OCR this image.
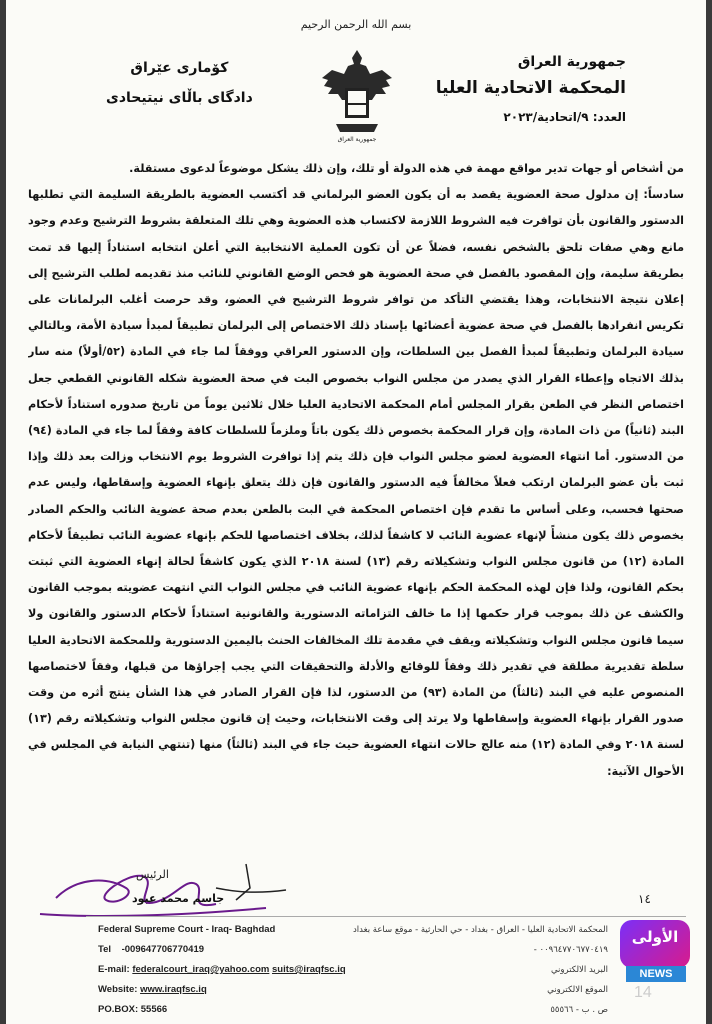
بسم الله الرحمن الرحيم
جمهورية العراق
المحكمة الاتحادية العليا
العدد: ٩/اتحادية/٢٠٢٣
جمهورية العراق
كۆماری عێراق
دادگای باڵای نیتیحادی

من أشخاص أو جهات تدير مواقع مهمة في هذه الدولة أو تلك، وإن ذلك يشكل موضوعاً لدعوى مستقلة.

سادساً: إن مدلول صحة العضوية يقصد به أن يكون العضو البرلماني قد أكتسب العضوية بالطريقة السليمة التي تطلبها الدستور والقانون بأن توافرت فيه الشروط اللازمة لاكتساب هذه العضوية وهي تلك المتعلقة بشروط الترشيح وعدم وجود مانع وهي صفات تلحق بالشخص نفسه، فضلاً عن أن تكون العملية الانتخابية التي أعلن انتخابه استناداً إليها قد تمت بطريقة سليمة، وإن المقصود بالفصل في صحة العضوية هو فحص الوضع القانوني للنائب منذ تقديمه لطلب الترشيح إلى إعلان نتيجة الانتخابات، وهذا يقتضي التأكد من توافر شروط الترشيح في العضو، وقد حرصت أغلب البرلمانات على تكريس انفرادها بالفصل في صحة عضوية أعضائها بإسناد ذلك الاختصاص إلى البرلمان تطبيقاً لمبدأ سيادة الأمة، وبالتالي سيادة البرلمان وتطبيقاً لمبدأ الفصل بين السلطات، وإن الدستور العراقي ووفقاً لما جاء في المادة (٥٢/أولاً) منه سار بذلك الاتجاه وإعطاء القرار الذي يصدر من مجلس النواب بخصوص البت في صحة العضوية شكله القانوني القطعي جعل اختصاص النظر في الطعن بقرار المجلس أمام المحكمة الاتحادية العليا خلال ثلاثين يوماً من تاريخ صدوره استناداً لأحكام البند (ثانياً) من ذات المادة، وإن قرار المحكمة بخصوص ذلك يكون باتاً وملزماً للسلطات كافة وفقاً لما جاء في المادة (٩٤) من الدستور. أما انتهاء العضوية لعضو مجلس النواب فإن ذلك يتم إذا توافرت الشروط يوم الانتخاب وزالت بعد ذلك وإذا ثبت بأن عضو البرلمان ارتكب فعلاً مخالفاً فيه الدستور والقانون فإن ذلك يتعلق بإنهاء العضوية وإسقاطها، وليس عدم صحتها فحسب، وعلى أساس ما تقدم فإن اختصاص المحكمة في البت بالطعن بعدم صحة عضوية النائب والحكم الصادر بخصوص ذلك يكون منشأً لإنهاء عضوية النائب لا كاشفاً لذلك، بخلاف اختصاصها للحكم بإنهاء عضوية النائب تطبيقاً لأحكام المادة (١٢) من قانون مجلس النواب وتشكيلاته رقم (١٣) لسنة ٢٠١٨ الذي يكون كاشفاً لحالة إنهاء العضوية التي ثبتت بحكم القانون، ولذا فإن لهذه المحكمة الحكم بإنهاء عضوية النائب في مجلس النواب التي انتهت عضويته بموجب القانون والكشف عن ذلك بموجب قرار حكمها إذا ما خالف التزاماته الدستورية والقانونية استناداً لأحكام الدستور والقانون ولا سيما قانون مجلس النواب وتشكيلاته ويقف في مقدمة تلك المخالفات الحنث باليمين الدستورية وللمحكمة الاتحادية العليا سلطة تقديرية مطلقة في تقدير ذلك وفقاً للوقائع والأدلة والتحقيقات التي يجب إجراؤها من قبلها، وفقاً لاختصاصها المنصوص عليه في البند (ثالثاً) من المادة (٩٣) من الدستور، لذا فإن القرار الصادر في هذا الشأن ينتج أثره من وقت صدور القرار بإنهاء العضوية وإسقاطها ولا يرتد إلى وقت الانتخابات، وحيث إن قانون مجلس النواب وتشكيلاته رقم (١٣) لسنة ٢٠١٨ وفي المادة (١٢) منه عالج حالات انتهاء العضوية حيث جاء في البند (ثالثاً) منها (تنتهي النيابة في المجلس في الأحوال الآتية:

الرئيس
جاسم محمد عبود	١٤
Federal Supreme Court - Iraq- Baghdad
Tel -009647706770419
E-mail: federalcourt_iraq@yahoo.com suits@iraqfsc.iq
Website: www.iraqfsc.iq
PO.BOX: 55566
المحكمة الاتحادية العليا - العراق - بغداد - حي الحارثية - موقع ساعة بغداد
٠٠٩٦٤٧٧٠٦٧٧٠٤١٩ -
البريد الالكتروني
الموقع الالكتروني
ص . ب - ٥٥٥٦٦
الأولى
NEWS
14
